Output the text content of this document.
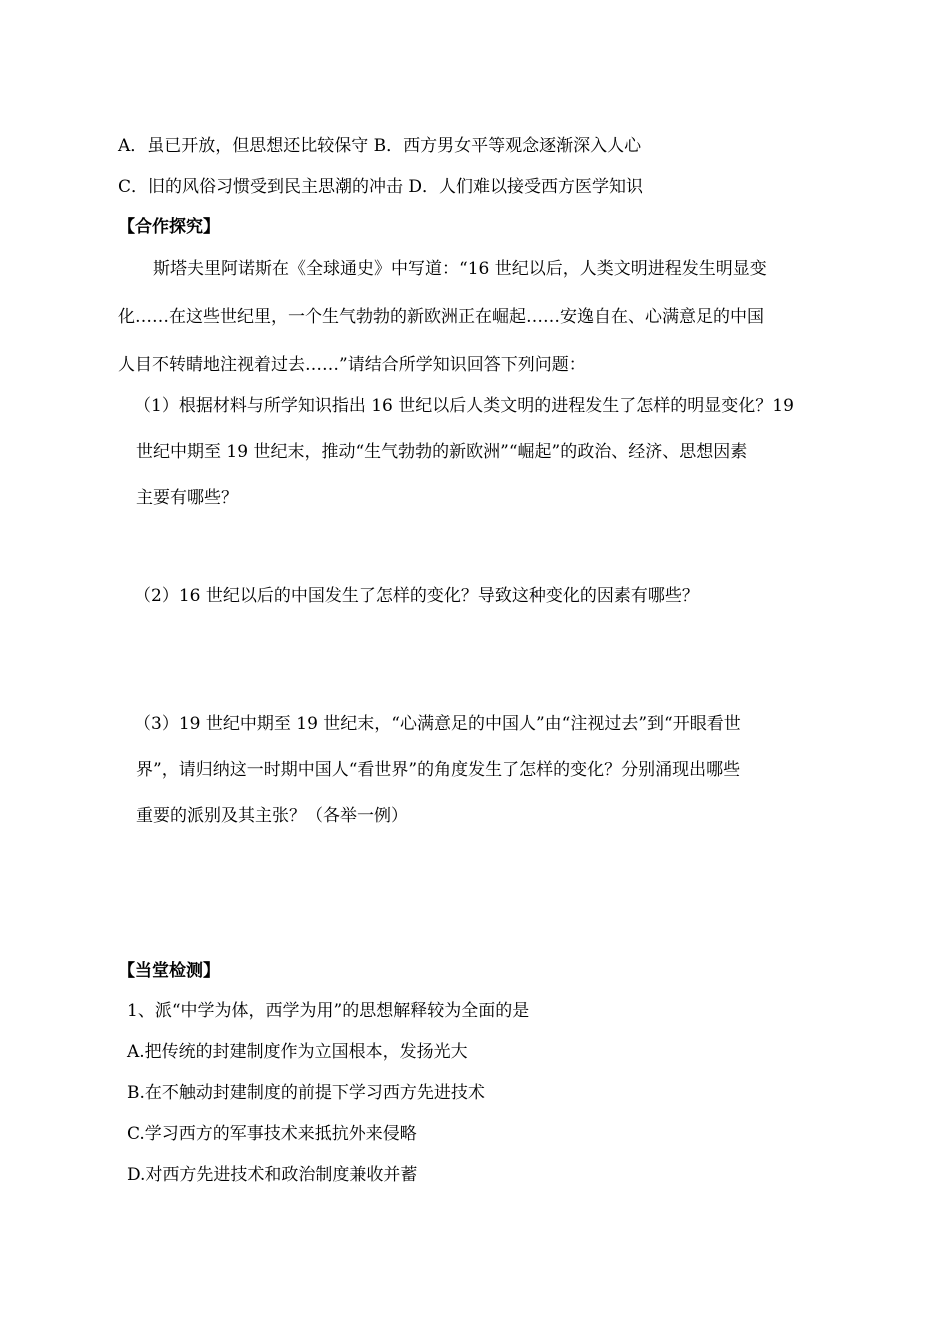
A．虽已开放，但思想还比较保守 B．西方男女平等观念逐渐深入人心
C．旧的风俗习惯受到民主思潮的冲击 D．人们难以接受西方医学知识
【合作探究】
斯塔夫里阿诺斯在《全球通史》中写道：“16 世纪以后，人类文明进程发生明显变
化……在这些世纪里，一个生气勃勃的新欧洲正在崛起……安逸自在、心满意足的中国
人目不转睛地注视着过去……”请结合所学知识回答下列问题：
（1）根据材料与所学知识指出 16 世纪以后人类文明的进程发生了怎样的明显变化？19
世纪中期至 19 世纪末，推动“生气勃勃的新欧洲”“崛起”的政治、经济、思想因素
主要有哪些？
（2）16 世纪以后的中国发生了怎样的变化？导致这种变化的因素有哪些？
（3）19 世纪中期至 19 世纪末，“心满意足的中国人”由“注视过去”到“开眼看世
界”，请归纳这一时期中国人“看世界”的角度发生了怎样的变化？分别涌现出哪些
重要的派别及其主张？（各举一例）
【当堂检测】
1、派“中学为体，西学为用”的思想解释较为全面的是
A.把传统的封建制度作为立国根本，发扬光大
B.在不触动封建制度的前提下学习西方先进技术
C.学习西方的军事技术来抵抗外来侵略
D.对西方先进技术和政治制度兼收并蓄
